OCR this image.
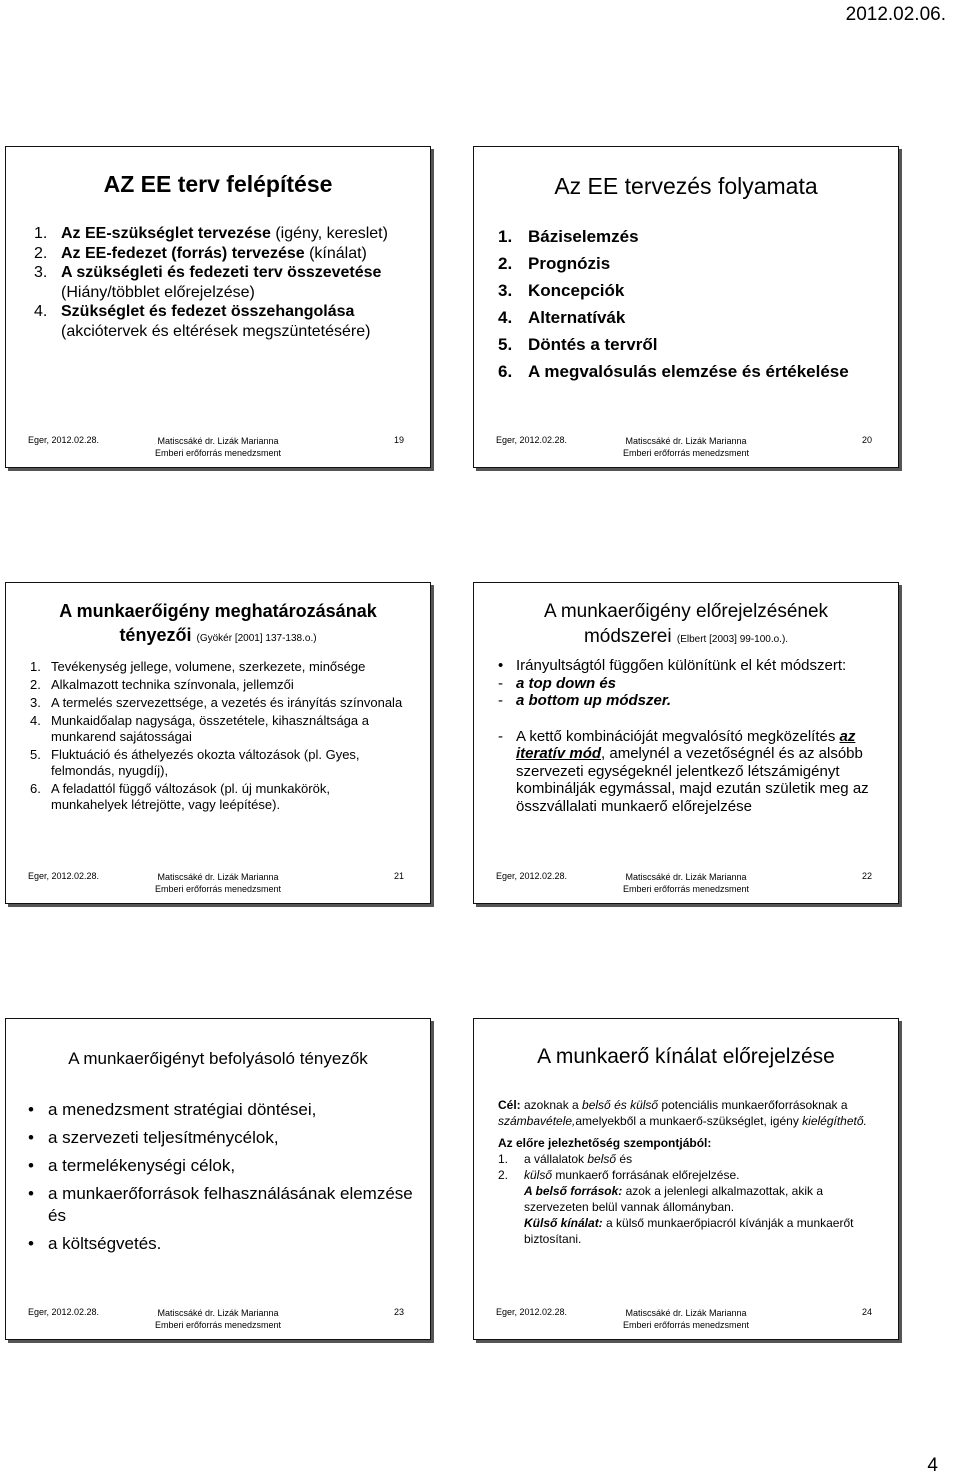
2012.02.06.
AZ EE terv felépítése
1. Az EE-szükséglet tervezése (igény, kereslet)
2. Az EE-fedezet (forrás) tervezése (kínálat)
3. A szükségleti és fedezeti terv összevetése (Hiány/többlet előrejelzése)
4. Szükséglet és fedezet összehangolása (akciótervek és eltérések megszüntetésére)
Eger, 2012.02.28.	Matiscsáké dr. Lizák Marianna
Emberi erőforrás menedzsment
19
Az EE tervezés folyamata
1. Báziselemzés
2. Prognózis
3. Koncepciók
4. Alternatívák
5. Döntés a tervről
6. A megvalósulás elemzése és értékelése
Eger, 2012.02.28.	Matiscsáké dr. Lizák Marianna
Emberi erőforrás menedzsment
20
A munkaerőigény meghatározásának
tényezői (Gyökér [2001] 137-138.o.)
1. Tevékenység jellege, volumene, szerkezete, minősége
2. Alkalmazott technika színvonala, jellemzői
3. A termelés szervezettsége, a vezetés és irányítás színvonala
4. Munkaidőalap nagysága, összetétele, kihasználtsága a munkarend sajátosságai
5. Fluktuáció és áthelyezés okozta változások (pl. Gyes, felmondás, nyugdíj),
6. A feladattól függő változások (pl. új munkakörök, munkahelyek létrejötte, vagy leépítése).
Eger, 2012.02.28.	Matiscsáké dr. Lizák Marianna
Emberi erőforrás menedzsment
21
A munkaerőigény előrejelzésének
módszerei (Elbert [2003] 99-100.o.).
• Irányultságtól függően különítünk el két módszert:
- a top down és
- a bottom up módszer.
- A kettő kombinációját megvalósító megközelítés az iteratív mód, amelynél a vezetőségnél és az alsóbb szervezeti egységeknél jelentkező létszámigényt kombinálják egymással, majd ezután születik meg az összvállalati munkaerő előrejelzése
Eger, 2012.02.28.	Matiscsáké dr. Lizák Marianna
Emberi erőforrás menedzsment
22
A munkaerőigényt befolyásoló tényezők
• a menedzsment stratégiai döntései,
• a szervezeti teljesítménycélok,
• a termelékenységi célok,
• a munkaerőforrások felhasználásának elemzése és
• a költségvetés.
Eger, 2012.02.28.	Matiscsáké dr. Lizák Marianna
Emberi erőforrás menedzsment
23
A munkaerő kínálat előrejelzése
Cél: azoknak a belső és külső potenciális munkaerőforrásoknak a számbavétele,amelyekből a munkaerő-szükséglet, igény kielégíthető.
Az előre jelezhetőség szempontjából:
1.	a vállalatok belső és
2.	külső munkaerő forrásának előrejelzése.
A belső források: azok a jelenlegi alkalmazottak, akik a szervezeten belül vannak állományban.
Külső kínálat: a külső munkaerőpiacról kívánják a munkaerőt biztosítani.
Eger, 2012.02.28.	Matiscsáké dr. Lizák Marianna
Emberi erőforrás menedzsment
24
4
